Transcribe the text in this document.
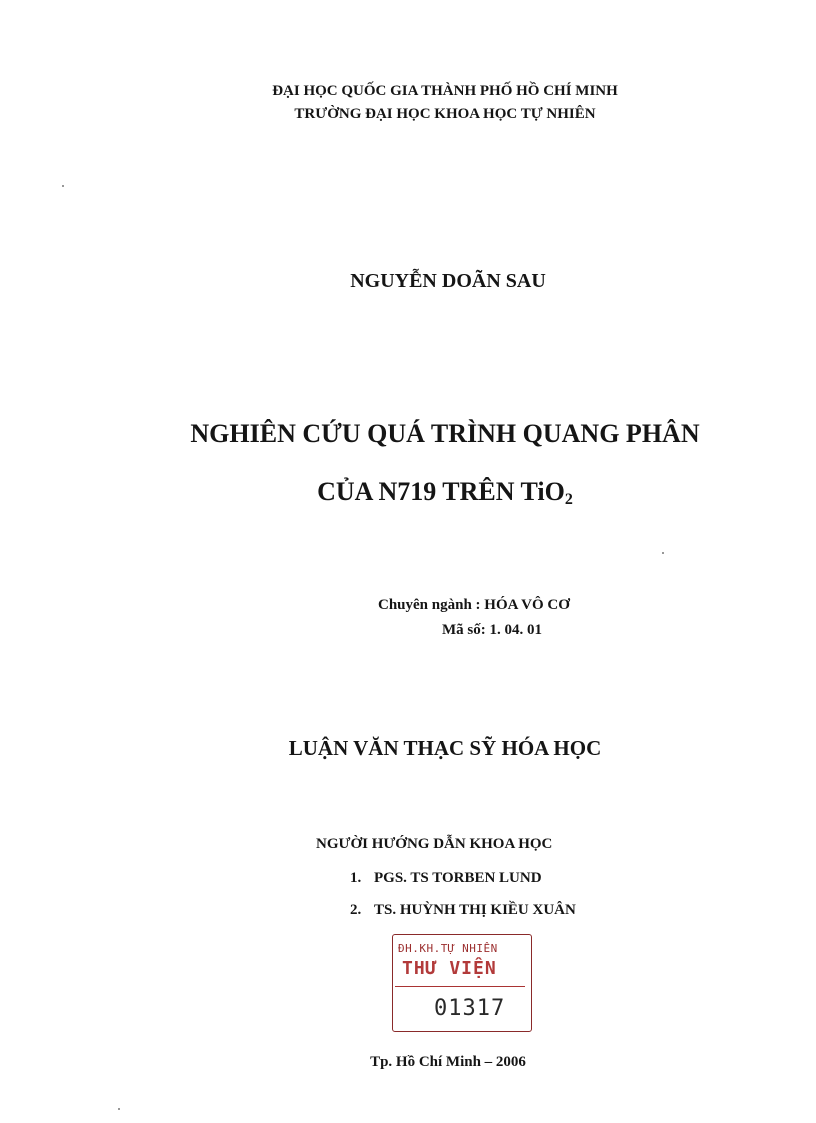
ĐẠI HỌC QUỐC GIA THÀNH PHỐ HỒ CHÍ MINH
TRƯỜNG ĐẠI HỌC KHOA HỌC TỰ NHIÊN
NGUYỄN DOÃN SAU
NGHIÊN CỨU QUÁ TRÌNH QUANG PHÂN
CỦA N719 TRÊN TiO$_2$
Chuyên ngành : HÓA VÔ CƠ
Mã số: 1. 04. 01
LUẬN VĂN THẠC SỸ HÓA HỌC
NGƯỜI HƯỚNG DẪN KHOA HỌC
1. PGS. TS TORBEN LUND
2. TS. HUỲNH THỊ KIỀU XUÂN
ĐH.KH.TỰ NHIÊN
THƯ VIỆN
01317
Tp. Hồ Chí Minh – 2006
